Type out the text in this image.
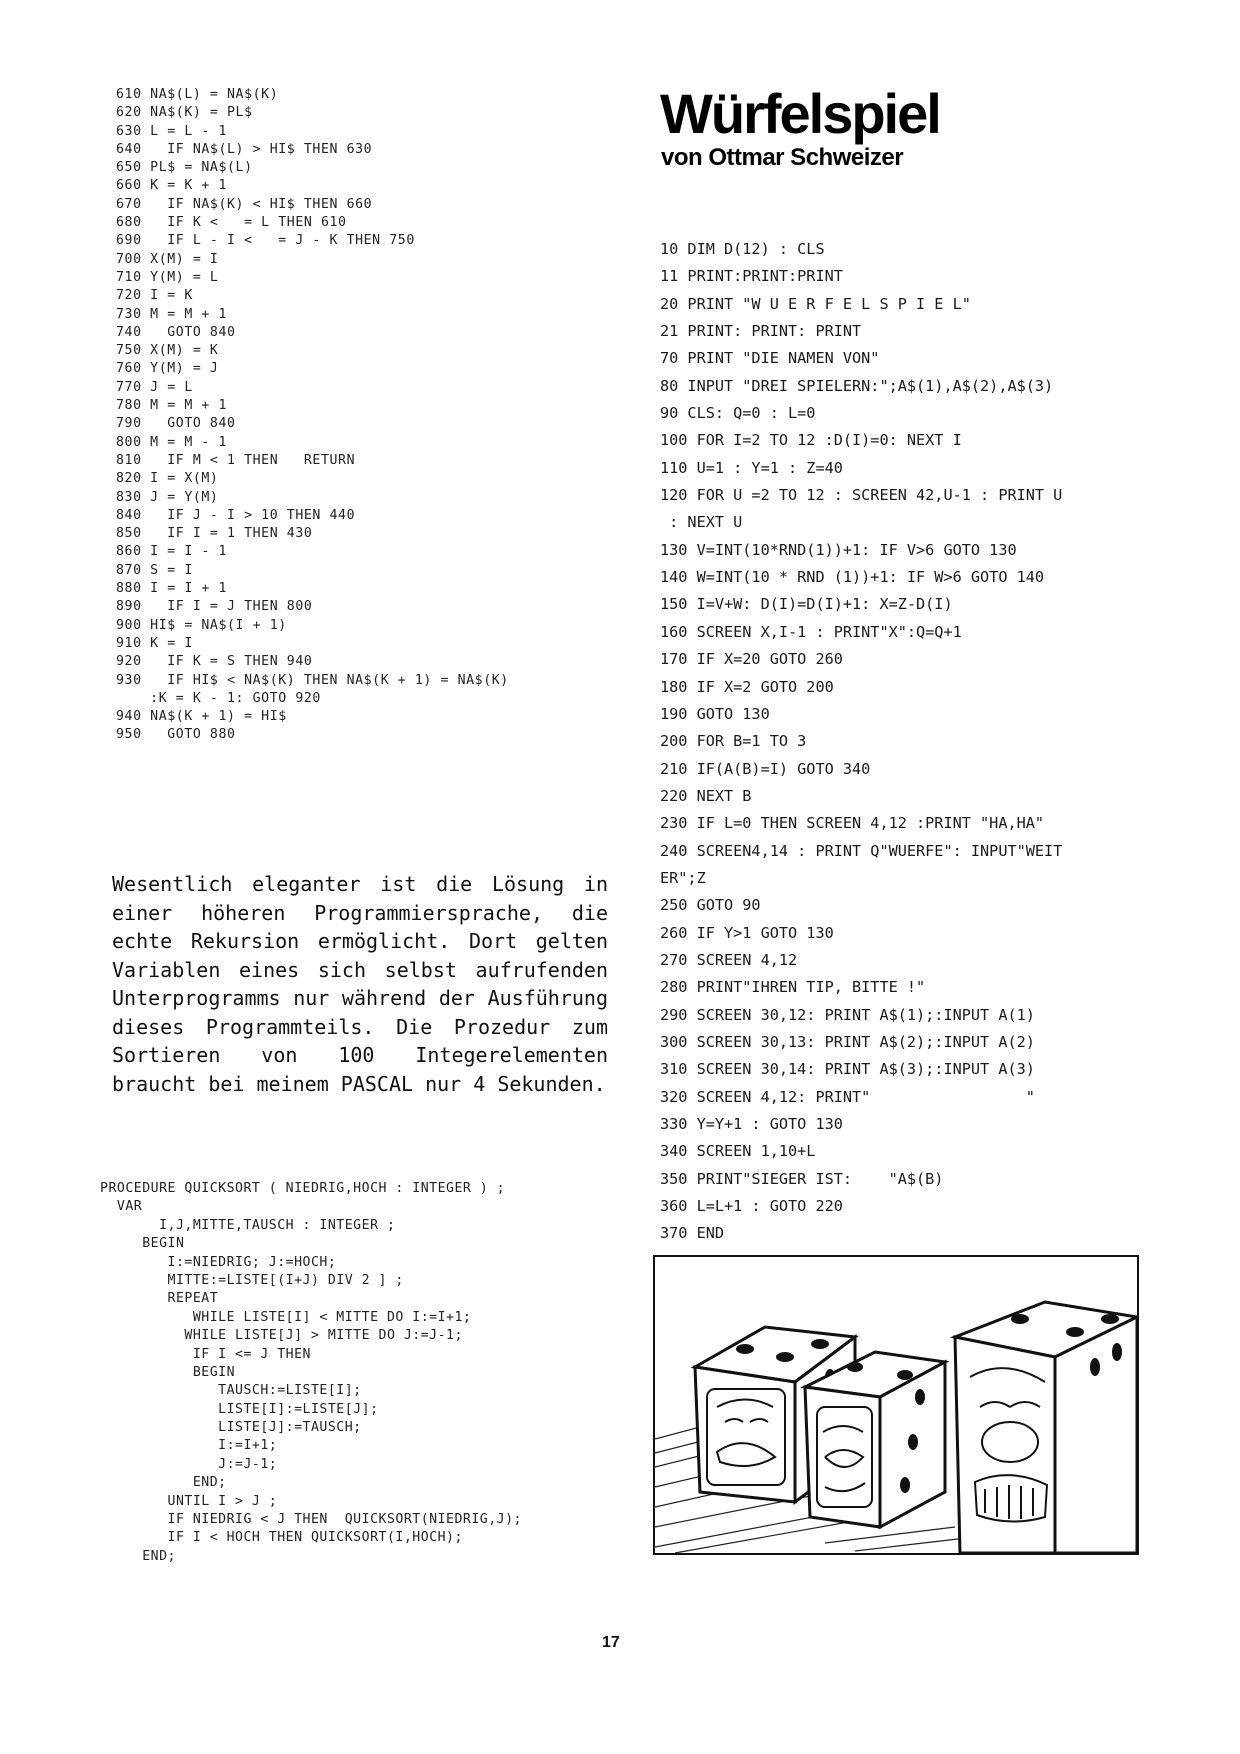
Würfelspiel
von Ottmar Schweizer
610 NA$(L) = NA$(K)
620 NA$(K) = PL$
630 L = L - 1
640   IF NA$(L) > HI$ THEN 630
650 PL$ = NA$(L)
660 K = K + 1
670   IF NA$(K) < HI$ THEN 660
680   IF K <   = L THEN 610
690   IF L - I <   = J - K THEN 750
700 X(M) = I
710 Y(M) = L
720 I = K
730 M = M + 1
740   GOTO 840
750 X(M) = K
760 Y(M) = J
770 J = L
780 M = M + 1
790   GOTO 840
800 M = M - 1
810   IF M < 1 THEN   RETURN
820 I = X(M)
830 J = Y(M)
840   IF J - I > 10 THEN 440
850   IF I = 1 THEN 430
860 I = I - 1
870 S = I
880 I = I + 1
890   IF I = J THEN 800
900 HI$ = NA$(I + 1)
910 K = I
920   IF K = S THEN 940
930   IF HI$ < NA$(K) THEN NA$(K + 1) = NA$(K)
:K = K - 1: GOTO 920
940 NA$(K + 1) = HI$
950   GOTO 880
Wesentlich eleganter ist die Lösung in einer höheren Programmiersprache, die echte Rekursion ermöglicht. Dort gelten Variablen eines sich selbst aufrufenden Unterprogramms nur während der Ausführung dieses Programmteils. Die Prozedur zum Sortieren von 100 Integerelementen braucht bei meinem PASCAL nur 4 Sekunden.
PROCEDURE QUICKSORT ( NIEDRIG,HOCH : INTEGER ) ;
VAR
I,J,MITTE,TAUSCH : INTEGER ;
BEGIN
I:=NIEDRIG; J:=HOCH;
MITTE:=LISTE[(I+J) DIV 2 ] ;
REPEAT
WHILE LISTE[I] < MITTE DO I:=I+1;
WHILE LISTE[J] > MITTE DO J:=J-1;
IF I <= J THEN
BEGIN
TAUSCH:=LISTE[I];
LISTE[I]:=LISTE[J];
LISTE[J]:=TAUSCH;
I:=I+1;
J:=J-1;
END;
UNTIL I > J ;
IF NIEDRIG < J THEN  QUICKSORT(NIEDRIG,J);
IF I < HOCH THEN QUICKSORT(I,HOCH);
END;
10 DIM D(12) : CLS
11 PRINT:PRINT:PRINT
20 PRINT "W U E R F E L S P I E L"
21 PRINT: PRINT: PRINT
70 PRINT "DIE NAMEN VON"
80 INPUT "DREI SPIELERN:";A$(1),A$(2),A$(3)
90 CLS: Q=0 : L=0
100 FOR I=2 TO 12 :D(I)=0: NEXT I
110 U=1 : Y=1 : Z=40
120 FOR U =2 TO 12 : SCREEN 42,U-1 : PRINT U
: NEXT U
130 V=INT(10*RND(1))+1: IF V>6 GOTO 130
140 W=INT(10 * RND (1))+1: IF W>6 GOTO 140
150 I=V+W: D(I)=D(I)+1: X=Z-D(I)
160 SCREEN X,I-1 : PRINT"X":Q=Q+1
170 IF X=20 GOTO 260
180 IF X=2 GOTO 200
190 GOTO 130
200 FOR B=1 TO 3
210 IF(A(B)=I) GOTO 340
220 NEXT B
230 IF L=0 THEN SCREEN 4,12 :PRINT "HA,HA"
240 SCREEN4,14 : PRINT Q"WUERFE": INPUT"WEIT
ER";Z
250 GOTO 90
260 IF Y>1 GOTO 130
270 SCREEN 4,12
280 PRINT"IHREN TIP, BITTE !"
290 SCREEN 30,12: PRINT A$(1);:INPUT A(1)
300 SCREEN 30,13: PRINT A$(2);:INPUT A(2)
310 SCREEN 30,14: PRINT A$(3);:INPUT A(3)
320 SCREEN 4,12: PRINT"                 "
330 Y=Y+1 : GOTO 130
340 SCREEN 1,10+L
350 PRINT"SIEGER IST:    "A$(B)
360 L=L+1 : GOTO 220
370 END
17
